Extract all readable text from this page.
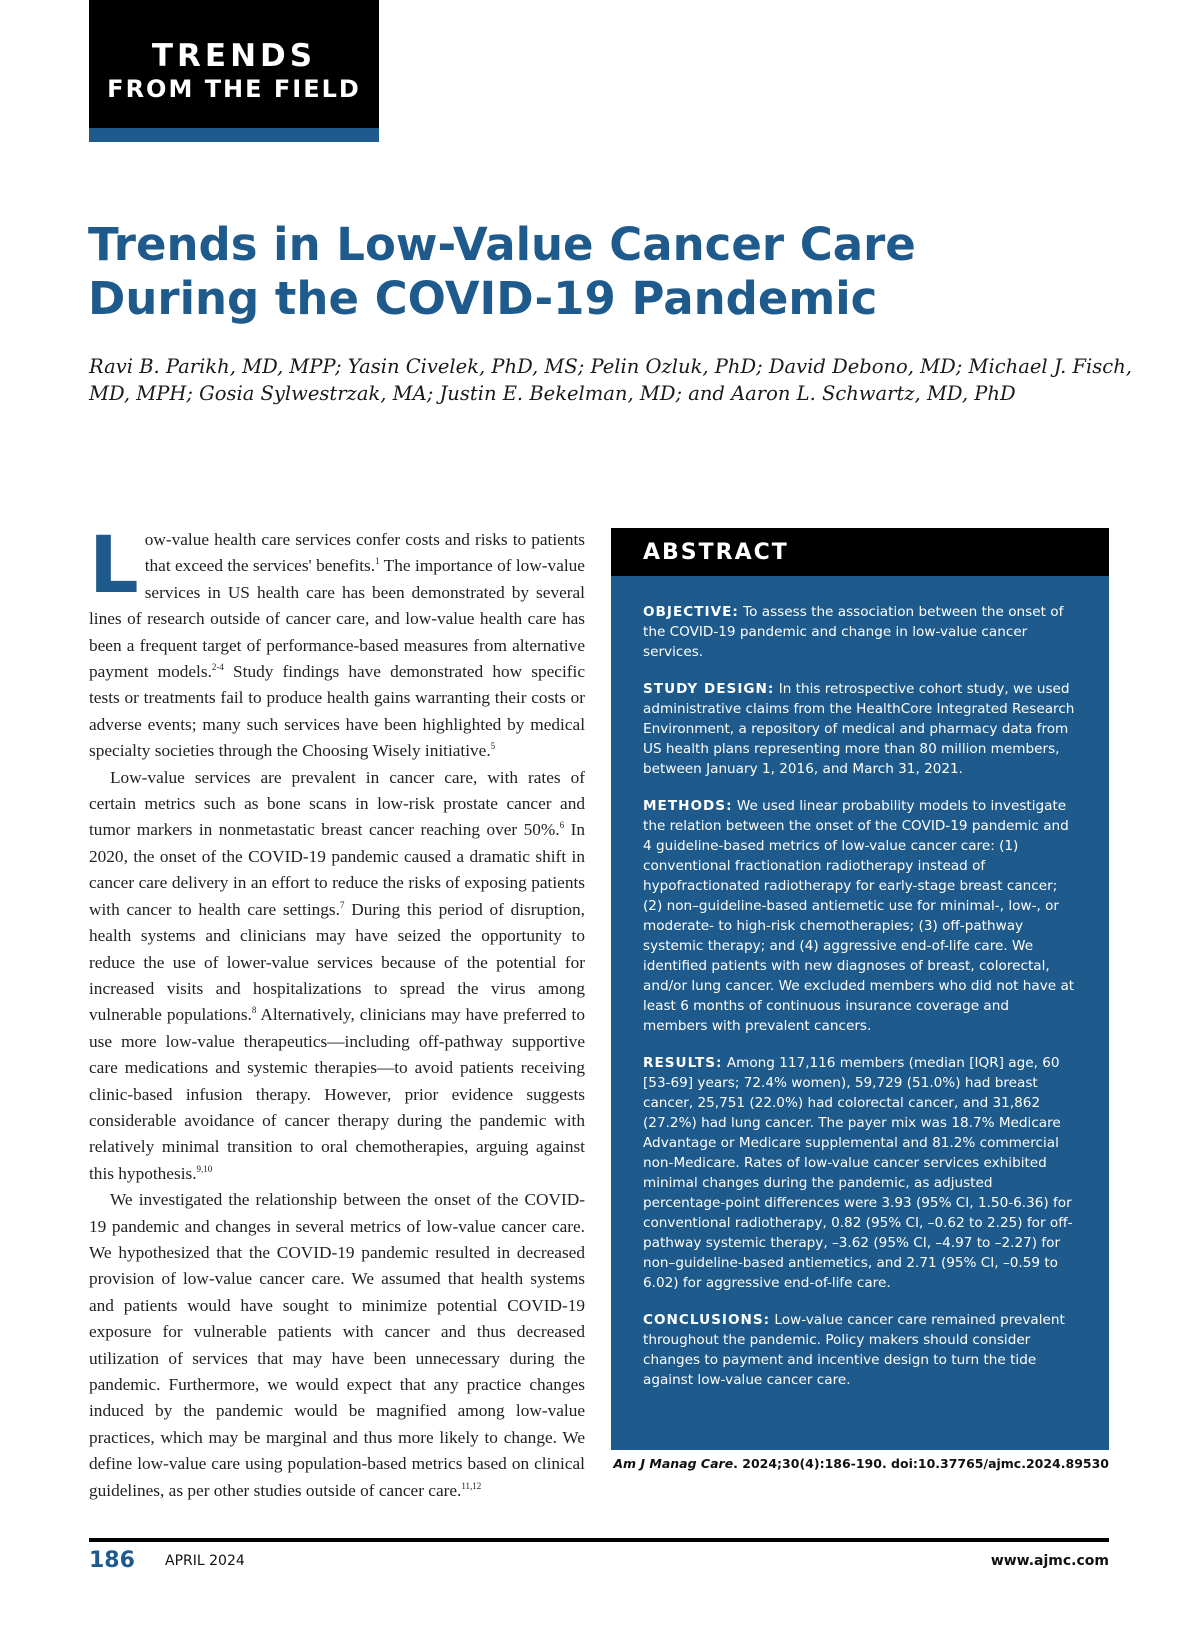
TRENDS
FROM THE FIELD
Trends in Low-Value Cancer Care During the COVID-19 Pandemic

Ravi B. Parikh, MD, MPP; Yasin Civelek, PhD, MS; Pelin Ozluk, PhD; David Debono, MD; Michael J. Fisch, MD, MPH; Gosia Sylwestrzak, MA; Justin E. Bekelman, MD; and Aaron L. Schwartz, MD, PhD

Low-value health care services confer costs and risks to patients that exceed the services' benefits.$^1$ The importance of low-value services in US health care has been demonstrated by several lines of research outside of cancer care, and low-value health care has been a frequent target of performance-based measures from alternative payment models.$^{2-4}$ Study findings have demonstrated how specific tests or treatments fail to produce health gains warranting their costs or adverse events; many such services have been highlighted by medical specialty societies through the Choosing Wisely initiative.$^5$

Low-value services are prevalent in cancer care, with rates of certain metrics such as bone scans in low-risk prostate cancer and tumor markers in nonmetastatic breast cancer reaching over 50%.$^6$ In 2020, the onset of the COVID-19 pandemic caused a dramatic shift in cancer care delivery in an effort to reduce the risks of exposing patients with cancer to health care settings.$^7$ During this period of disruption, health systems and clinicians may have seized the opportunity to reduce the use of lower-value services because of the potential for increased visits and hospitalizations to spread the virus among vulnerable populations.$^8$ Alternatively, clinicians may have preferred to use more low-value therapeutics—including off-pathway supportive care medications and systemic therapies—to avoid patients receiving clinic-based infusion therapy. However, prior evidence suggests considerable avoidance of cancer therapy during the pandemic with relatively minimal transition to oral chemotherapies, arguing against this hypothesis.$^{9,10}$

We investigated the relationship between the onset of the COVID-19 pandemic and changes in several metrics of low-value cancer care. We hypothesized that the COVID-19 pandemic resulted in decreased provision of low-value cancer care. We assumed that health systems and patients would have sought to minimize potential COVID-19 exposure for vulnerable patients with cancer and thus decreased utilization of services that may have been unnecessary during the pandemic. Furthermore, we would expect that any practice changes induced by the pandemic would be magnified among low-value practices, which may be marginal and thus more likely to change. We define low-value care using population-based metrics based on clinical guidelines, as per other studies outside of cancer care.$^{11,12}$

ABSTRACT

OBJECTIVE: To assess the association between the onset of the COVID-19 pandemic and change in low-value cancer services.

STUDY DESIGN: In this retrospective cohort study, we used administrative claims from the HealthCore Integrated Research Environment, a repository of medical and pharmacy data from US health plans representing more than 80 million members, between January 1, 2016, and March 31, 2021.

METHODS: We used linear probability models to investigate the relation between the onset of the COVID-19 pandemic and 4 guideline-based metrics of low-value cancer care: (1) conventional fractionation radiotherapy instead of hypofractionated radiotherapy for early-stage breast cancer; (2) non–guideline-based antiemetic use for minimal-, low-, or moderate- to high-risk chemotherapies; (3) off-pathway systemic therapy; and (4) aggressive end-of-life care. We identified patients with new diagnoses of breast, colorectal, and/or lung cancer. We excluded members who did not have at least 6 months of continuous insurance coverage and members with prevalent cancers.

RESULTS: Among 117,116 members (median [IQR] age, 60 [53-69] years; 72.4% women), 59,729 (51.0%) had breast cancer, 25,751 (22.0%) had colorectal cancer, and 31,862 (27.2%) had lung cancer. The payer mix was 18.7% Medicare Advantage or Medicare supplemental and 81.2% commercial non-Medicare. Rates of low-value cancer services exhibited minimal changes during the pandemic, as adjusted percentage-point differences were 3.93 (95% CI, 1.50-6.36) for conventional radiotherapy, 0.82 (95% CI, –0.62 to 2.25) for off-pathway systemic therapy, –3.62 (95% CI, –4.97 to –2.27) for non–guideline-based antiemetics, and 2.71 (95% CI, –0.59 to 6.02) for aggressive end-of-life care.

CONCLUSIONS: Low-value cancer care remained prevalent throughout the pandemic. Policy makers should consider changes to payment and incentive design to turn the tide against low-value cancer care.

Am J Manag Care. 2024;30(4):186-190. doi:10.37765/ajmc.2024.89530
186 APRIL 2024	www.ajmc.com
